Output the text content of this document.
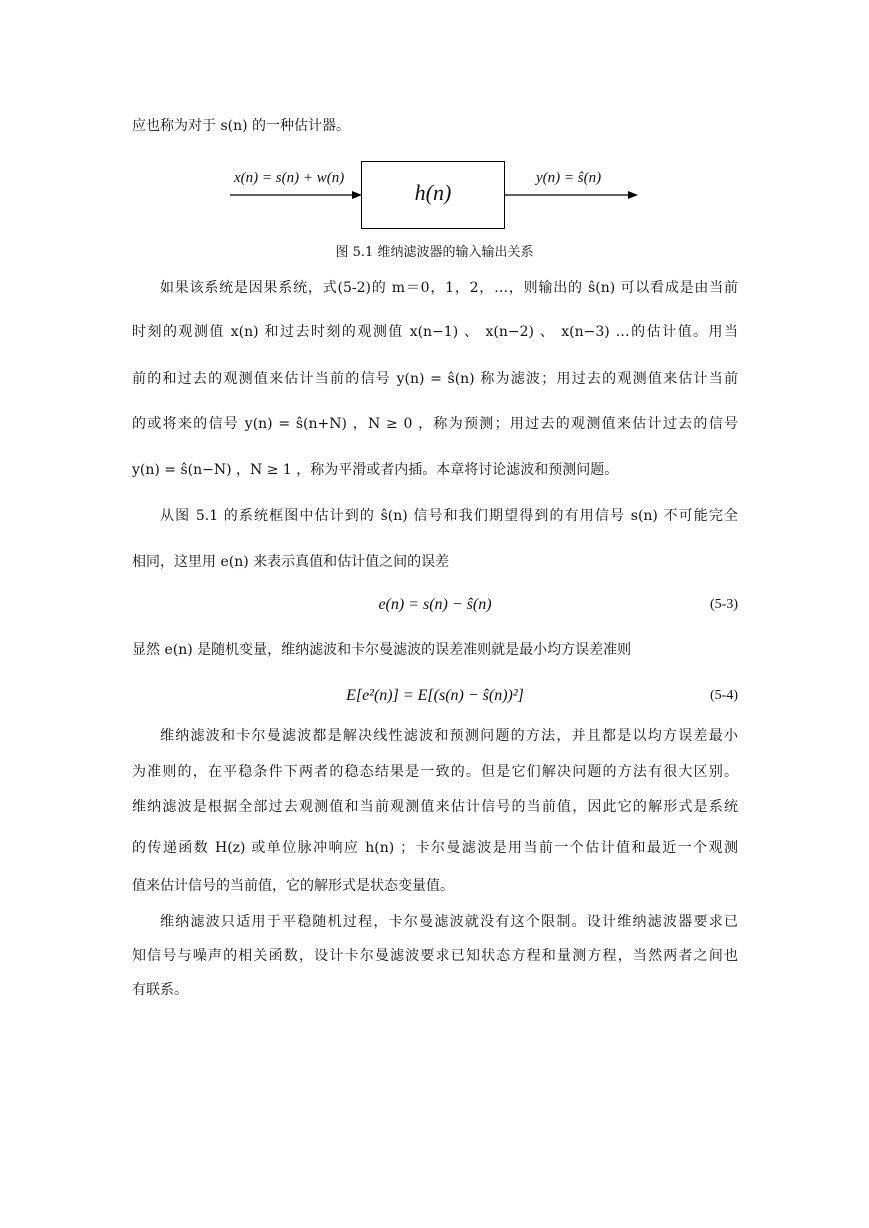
应也称为对于 s(n) 的一种估计器。
x(n) = s(n) + w(n)
h(n)
y(n) = ŝ(n)
图 5.1 维纳滤波器的输入输出关系
如果该系统是因果系统，式(5-2)的 m＝0，1，2，…，则输出的 ŝ(n) 可以看成是由当前
时刻的观测值 x(n) 和过去时刻的观测值 x(n−1) 、 x(n−2) 、 x(n−3) …的估计值。用当
前的和过去的观测值来估计当前的信号 y(n) = ŝ(n) 称为滤波；用过去的观测值来估计当前
的或将来的信号 y(n) = ŝ(n+N) ，N ≥ 0 ，称为预测；用过去的观测值来估计过去的信号
y(n) = ŝ(n−N) ，N ≥ 1 ，称为平滑或者内插。本章将讨论滤波和预测问题。
从图 5.1 的系统框图中估计到的 ŝ(n) 信号和我们期望得到的有用信号 s(n) 不可能完全
相同，这里用 e(n) 来表示真值和估计值之间的误差
e(n) = s(n) − ŝ(n)	(5-3)
显然 e(n) 是随机变量，维纳滤波和卡尔曼滤波的误差准则就是最小均方误差准则
E[e²(n)] = E[(s(n) − ŝ(n))²]	(5-4)
维纳滤波和卡尔曼滤波都是解决线性滤波和预测问题的方法，并且都是以均方误差最小
为准则的，在平稳条件下两者的稳态结果是一致的。但是它们解决问题的方法有很大区别。
维纳滤波是根据全部过去观测值和当前观测值来估计信号的当前值，因此它的解形式是系统
的传递函数 H(z) 或单位脉冲响应 h(n) ；卡尔曼滤波是用当前一个估计值和最近一个观测
值来估计信号的当前值，它的解形式是状态变量值。
维纳滤波只适用于平稳随机过程，卡尔曼滤波就没有这个限制。设计维纳滤波器要求已
知信号与噪声的相关函数，设计卡尔曼滤波要求已知状态方程和量测方程，当然两者之间也
有联系。
